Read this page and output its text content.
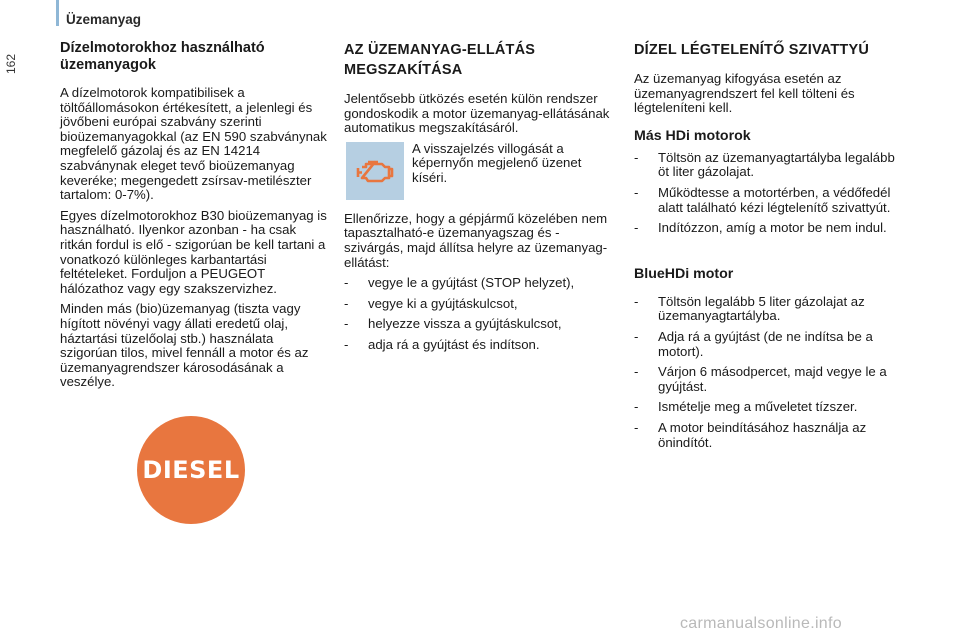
Üzemanyag
162
Dízelmotorokhoz használható üzemanyagok

A dízelmotorok kompatibilisek a töltőállomásokon értékesített, a jelenlegi és jövőbeni európai szabvány szerinti bioüzemanyagokkal (az EN 590 szabványnak megfelelő gázolaj és az EN 14214 szabványnak eleget tevő bioüzemanyag keveréke; megengedett zsírsav-metilészter tartalom: 0-7%).

Egyes dízelmotorokhoz B30 bioüzemanyag is használható. Ilyenkor azonban - ha csak ritkán fordul is elő - szigorúan be kell tartani a vonatkozó különleges karbantartási feltételeket. Forduljon a PEUGEOT hálózathoz vagy egy szakszervizhez.

Minden más (bio)üzemanyag (tiszta vagy hígított növényi vagy állati eredetű olaj, háztartási tüzelőolaj stb.) használata szigorúan tilos, mivel fennáll a motor és az üzemanyagrendszer károsodásának a veszélye.

DIESEL
AZ ÜZEMANYAG-ELLÁTÁS MEGSZAKÍTÁSA

Jelentősebb ütközés esetén külön rendszer gondoskodik a motor üzemanyag-ellátásának automatikus megszakításáról.

A visszajelzés villogását a képernyőn megjelenő üzenet kíséri.

Ellenőrizze, hogy a gépjármű közelében nem tapasztalható-e üzemanyagszag és -szivárgás, majd állítsa helyre az üzemanyag-ellátást:

- vegye le a gyújtást (STOP helyzet),
- vegye ki a gyújtáskulcsot,
- helyezze vissza a gyújtáskulcsot,
- adja rá a gyújtást és indítson.
DÍZEL LÉGTELENÍTŐ SZIVATTYÚ

Az üzemanyag kifogyása esetén az üzemanyagrendszert fel kell tölteni és légteleníteni kell.

Más HDi motorok
- Töltsön az üzemanyagtartályba legalább öt liter gázolajat.
- Működtesse a motortérben, a védőfedél alatt található kézi légtelenítő szivattyút.
- Indítózzon, amíg a motor be nem indul.
BlueHDi motor
- Töltsön legalább 5 liter gázolajat az üzemanyagtartályba.
- Adja rá a gyújtást (de ne indítsa be a motort).
- Várjon 6 másodpercet, majd vegye le a gyújtást.
- Ismételje meg a műveletet tízszer.
- A motor beindításához használja az önindítót.
carmanualsonline.info
